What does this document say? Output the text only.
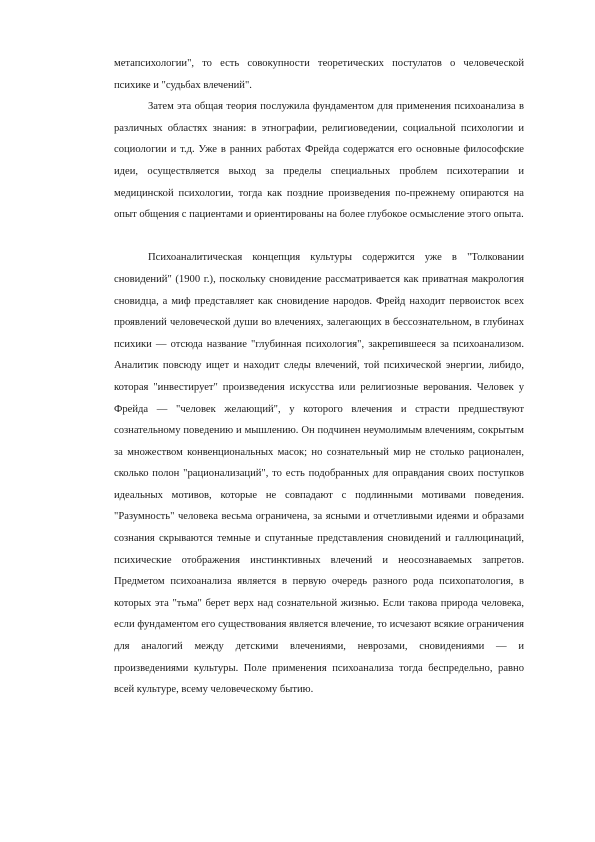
метапсихологии", то есть совокупности теоретических постулатов о человеческой психике и "судьбах влечений".

Затем эта общая теория послужила фундаментом для применения психоанализа в различных областях знания: в этнографии, религиоведении, социальной психологии и социологии и т.д. Уже в ранних работах Фрейда содержатся его основные философские идеи, осуществляется выход за пределы специальных проблем психотерапии и медицинской психологии, тогда как поздние произведения по-прежнему опираются на опыт общения с пациентами и ориентированы на более глубокое осмысление этого опыта.

Психоаналитическая концепция культуры содержится уже в "Толковании сновидений" (1900 г.), поскольку сновидение рассматривается как приватная макрология сновидца, а миф представляет как сновидение народов. Фрейд находит первоисток всех проявлений человеческой души во влечениях, залегающих в бессознательном, в глубинах психики — отсюда название "глубинная психология", закрепившееся за психоанализом. Аналитик повсюду ищет и находит следы влечений, той психической энергии, либидо, которая "инвестирует" произведения искусства или религиозные верования. Человек у Фрейда — "человек желающий", у которого влечения и страсти предшествуют сознательному поведению и мышлению. Он подчинен неумолимым влечениям, сокрытым за множеством конвенциональных масок; но сознательный мир не столько рационален, сколько полон "рационализаций", то есть подобранных для оправдания своих поступков идеальных мотивов, которые не совпадают с подлинными мотивами поведения. "Разумность" человека весьма ограничена, за ясными и отчетливыми идеями и образами сознания скрываются темные и спутанные представления сновидений и галлюцинаций, психические отображения инстинктивных влечений и неосознаваемых запретов. Предметом психоанализа является в первую очередь разного рода психопатология, в которых эта "тьма" берет верх над сознательной жизнью. Если такова природа человека, если фундаментом его существования является влечение, то исчезают всякие ограничения для аналогий между детскими влечениями, неврозами, сновидениями — и произведениями культуры. Поле применения психоанализа тогда беспредельно, равно всей культуре, всему человеческому бытию.
